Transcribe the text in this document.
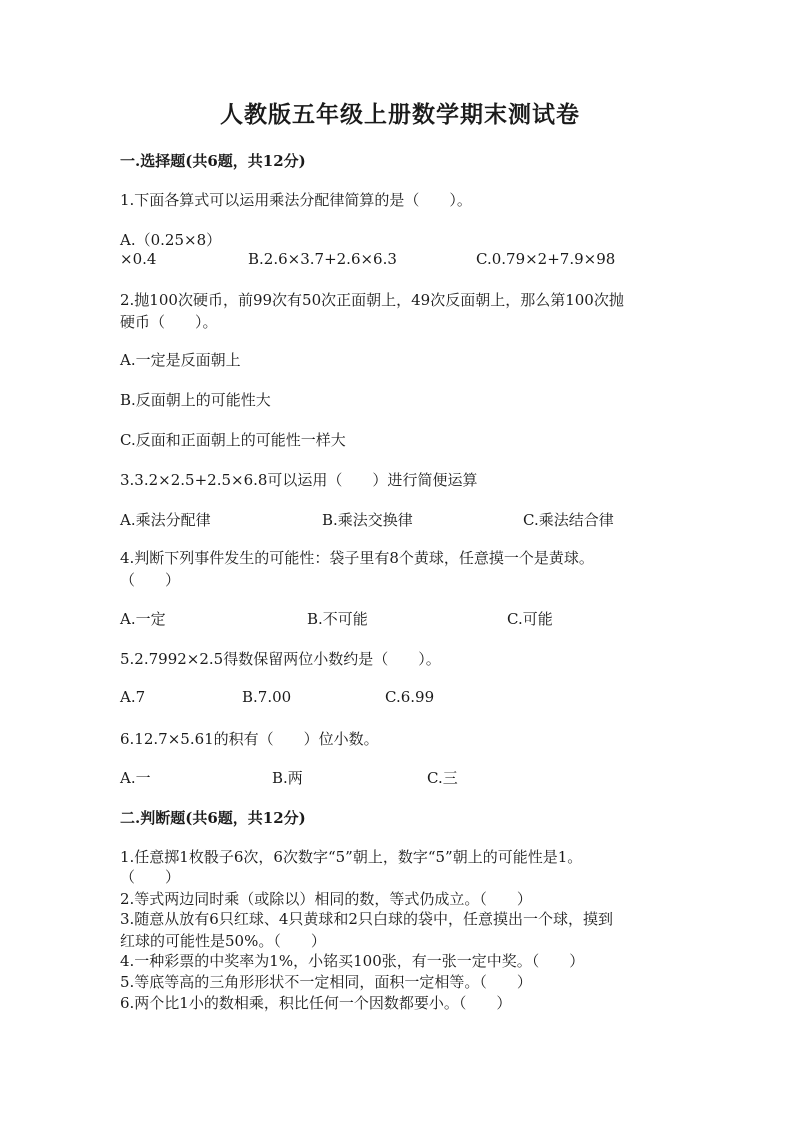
人教版五年级上册数学期末测试卷
一.选择题(共6题，共12分)
1.下面各算式可以运用乘法分配律简算的是（　　）。
A.（0.25×8）
×0.4	B.2.6×3.7+2.6×6.3	C.0.79×2+7.9×98
2.抛100次硬币，前99次有50次正面朝上，49次反面朝上，那么第100次抛
硬币（　　）。
A.一定是反面朝上
B.反面朝上的可能性大
C.反面和正面朝上的可能性一样大
3.3.2×2.5+2.5×6.8可以运用（　　）进行简便运算
A.乘法分配律	B.乘法交换律	C.乘法结合律
4.判断下列事件发生的可能性：袋子里有8个黄球，任意摸一个是黄球。
（　　）
A.一定	B.不可能	C.可能
5.2.7992×2.5得数保留两位小数约是（　　）。
A.7	B.7.00	C.6.99
6.12.7×5.61的积有（　　）位小数。
A.一	B.两	C.三
二.判断题(共6题，共12分)
1.任意掷1枚骰子6次，6次数字“5”朝上，数字“5”朝上的可能性是1。
（　　）
2.等式两边同时乘（或除以）相同的数，等式仍成立。（　　）
3.随意从放有6只红球、4只黄球和2只白球的袋中，任意摸出一个球，摸到
红球的可能性是50%。（　　）
4.一种彩票的中奖率为1%，小铭买100张，有一张一定中奖。（　　）
5.等底等高的三角形形状不一定相同，面积一定相等。（　　）
6.两个比1小的数相乘，积比任何一个因数都要小。（　　）
